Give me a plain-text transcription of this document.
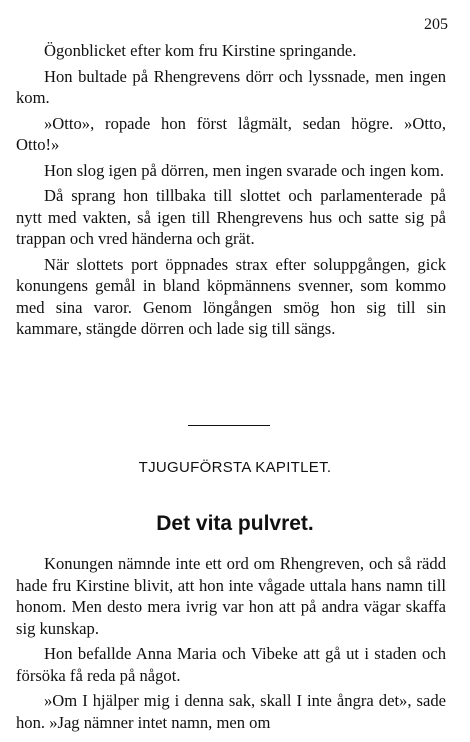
205

Ögonblicket efter kom fru Kirstine springande.

Hon bultade på Rhengrevens dörr och lyssnade, men ingen kom.

»Otto», ropade hon först lågmält, sedan högre. »Otto, Otto!»

Hon slog igen på dörren, men ingen svarade och ingen kom.

Då sprang hon tillbaka till slottet och parlamenterade på nytt med vakten, så igen till Rhengrevens hus och satte sig på trappan och vred händerna och grät.

När slottets port öppnades strax efter soluppgången, gick konungens gemål in bland köpmännens svenner, som kommo med sina varor. Genom löngången smög hon sig till sin kammare, stängde dörren och lade sig till sängs.

TJUGUFÖRSTA KAPITLET.
Det vita pulvret.

Konungen nämnde inte ett ord om Rhengreven, och så rädd hade fru Kirstine blivit, att hon inte vågade uttala hans namn till honom. Men desto mera ivrig var hon att på andra vägar skaffa sig kunskap.

Hon befallde Anna Maria och Vibeke att gå ut i staden och försöka få reda på något.

»Om I hjälper mig i denna sak, skall I inte ångra det», sade hon. »Jag nämner intet namn, men om
